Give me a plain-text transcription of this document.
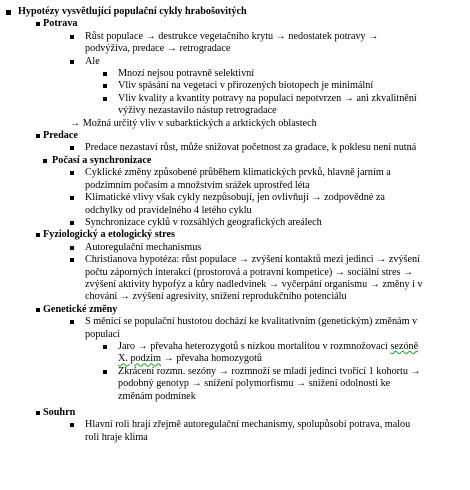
Hypotézy vysvětlující populační cykly hrabošovitých
Potrava
Růst populace → destrukce vegetačního krytu → nedostatek potravy →
podvýživa, predace → retrogradace
Ale
Mnozí nejsou potravně selektivní
Vliv spásání na vegetaci v přirozených biotopech je minimální
Vliv kvality a kvantity potravy na populaci nepotvrzen → ani zkvalitnění
výživy nezastavilo nástup retrogradace
→ Možná určitý vliv v subarktických a arktických oblastech
Predace
Predace nezastaví růst, může snižovat početnost za gradace, k poklesu není nutná
Počasí a synchronizace
Cyklické změny způsobené průběhem klimatických prvků, hlavně jarním a
podzimním počasím a množstvím srážek uprostřed léta
Klimatické vlivy však cykly nezpůsobují, jen ovlivňují → zodpovědné za
odchylky od pravidelného 4 letého cyklu
Synchronizace cyklů v rozsáhlých geografických areálech
Fyziologický a etologický stres
Autoregulační mechanismus
Christianova hypotéza: růst populace → zvýšení kontaktů mezi jedinci → zvýšení
počtu záporných interakcí (prostorová a potravní kompetice) → sociální stres →
zvýšení aktivity hypofýz a kůry nadledvinek → vyčerpání organismu → změny i v
chování → zvýšení agresivity, snížení reprodukčního potenciálu
Genetické změny
S měnící se populační hustotou dochází ke kvalitativním (genetickým) změnám v
populaci
Jaro → převaha heterozygotů s nízkou mortalitou v rozmnožovací sezóně
X. podzim → převaha homozygotů
Zkrácení rozmn. sezóny → rozmnoží se mladí jedinci tvořící 1 kohortu →
podobný genotyp → snížení polymorfismu → snížení odolnosti ke
změnám podmínek
Souhrn
Hlavní roli hrají zřejmě autoregulační mechanismy, spolupůsobí potrava, malou
roli hraje klima
